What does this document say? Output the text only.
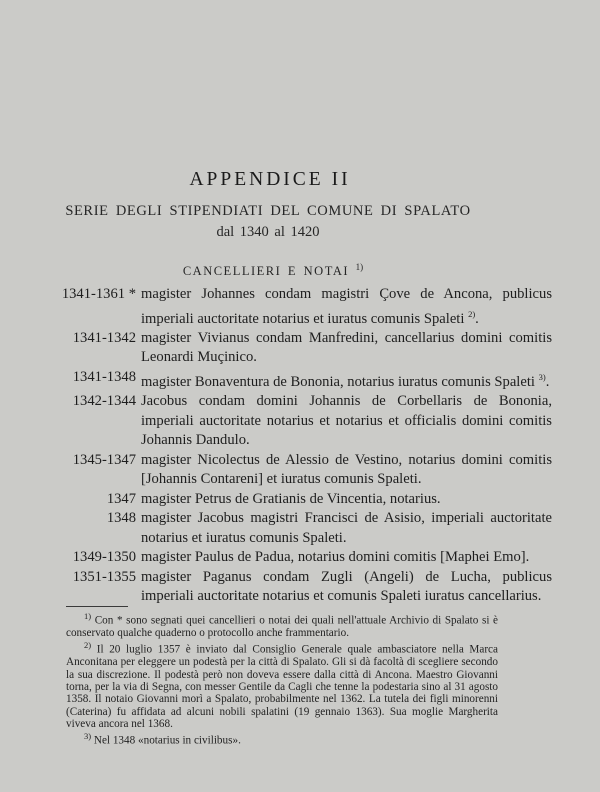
APPENDICE II
SERIE DEGLI STIPENDIATI DEL COMUNE DI SPALATO
dal 1340 al 1420
CANCELLIERI E NOTAI $^{1)}$
1341-1361 * magister Johannes condam magistri Çove de Ancona, publicus imperiali auctoritate notarius et iuratus comunis Spaleti $^{2)}$.
1341-1342 magister Vivianus condam Manfredini, cancellarius domini comitis Leonardi Muçinico.
1341-1348 magister Bonaventura de Bononia, notarius iuratus comunis Spaleti $^{3)}$.
1342-1344 Jacobus condam domini Johannis de Corbellaris de Bononia, imperiali auctoritate notarius et notarius et officialis domini comitis Johannis Dandulo.
1345-1347 magister Nicolectus de Alessio de Vestino, notarius domini comitis [Johannis Contareni] et iuratus comunis Spaleti.
1347 magister Petrus de Gratianis de Vincentia, notarius.
1348 magister Jacobus magistri Francisci de Asisio, imperiali auctoritate notarius et iuratus comunis Spaleti.
1349-1350 magister Paulus de Padua, notarius domini comitis [Maphei Emo].
1351-1355 magister Paganus condam Zugli (Angeli) de Lucha, publicus imperiali auctoritate notarius et comunis Spaleti iuratus cancellarius.

$^{1)}$ Con * sono segnati quei cancellieri o notai dei quali nell'attuale Archivio di Spalato si è conservato qualche quaderno o protocollo anche frammentario.

$^{2)}$ Il 20 luglio 1357 è inviato dal Consiglio Generale quale ambasciatore nella Marca Anconitana per eleggere un podestà per la città di Spalato. Gli si dà facoltà di scegliere secondo la sua discrezione. Il podestà però non doveva essere dalla città di Ancona. Maestro Giovanni torna, per la via di Segna, con messer Gentile da Cagli che tenne la podestaria sino al 31 agosto 1358. Il notaio Giovanni morì a Spalato, probabilmente nel 1362. La tutela dei figli minorenni (Caterina) fu affidata ad alcuni nobili spalatini (19 gennaio 1363). Sua moglie Margherita viveva ancora nel 1368.

$^{3)}$ Nel 1348 «notarius in civilibus».
